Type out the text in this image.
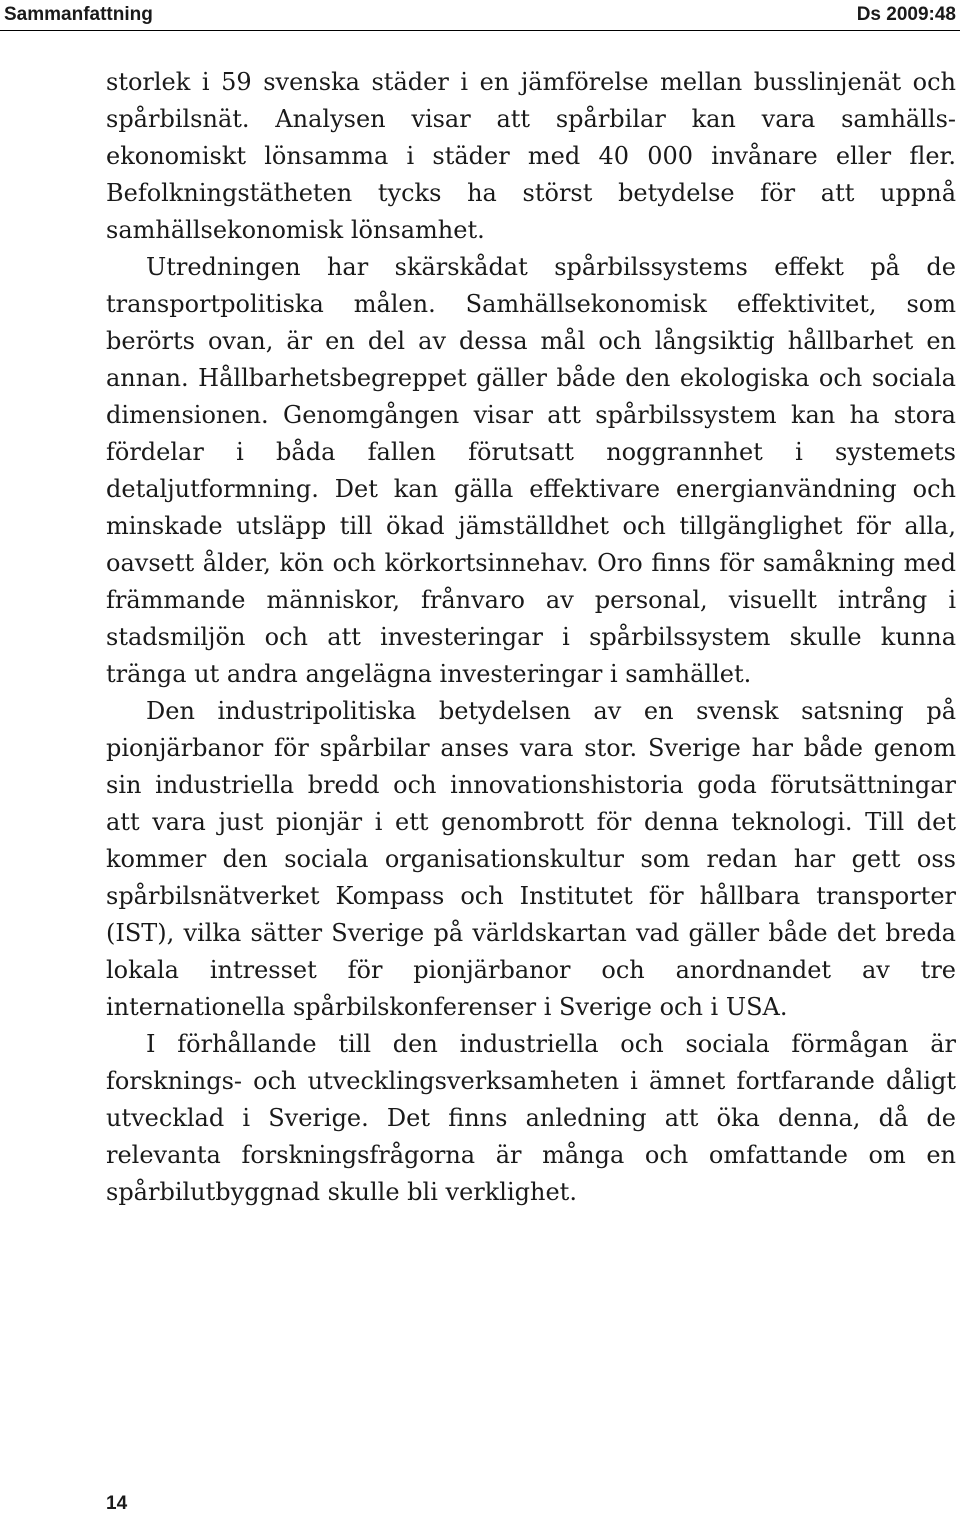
Sammanfattning	Ds 2009:48

storlek i 59 svenska städer i en jämförelse mellan busslinjenät och spårbilsnät. Analysen visar att spårbilar kan vara samhällsekonomiskt lönsamma i städer med 40 000 invånare eller fler. Befolkningstätheten tycks ha störst betydelse för att uppnå samhällsekonomisk lönsamhet.

Utredningen har skärskådat spårbilssystems effekt på de transportpolitiska målen. Samhällsekonomisk effektivitet, som berörts ovan, är en del av dessa mål och långsiktig hållbarhet en annan. Hållbarhetsbegreppet gäller både den ekologiska och sociala dimensionen. Genomgången visar att spårbilssystem kan ha stora fördelar i båda fallen förutsatt noggrannhet i systemets detaljutformning. Det kan gälla effektivare energianvändning och minskade utsläpp till ökad jämställdhet och tillgänglighet för alla, oavsett ålder, kön och körkortsinnehav. Oro finns för samåkning med främmande människor, frånvaro av personal, visuellt intrång i stadsmiljön och att investeringar i spårbilssystem skulle kunna tränga ut andra angelägna investeringar i samhället.

Den industripolitiska betydelsen av en svensk satsning på pionjärbanor för spårbilar anses vara stor. Sverige har både genom sin industriella bredd och innovationshistoria goda förutsättningar att vara just pionjär i ett genombrott för denna teknologi. Till det kommer den sociala organisationskultur som redan har gett oss spårbilsnätverket Kompass och Institutet för hållbara transporter (IST), vilka sätter Sverige på världskartan vad gäller både det breda lokala intresset för pionjärbanor och anordnandet av tre internationella spårbilskonferenser i Sverige och i USA.

I förhållande till den industriella och sociala förmågan är forsknings- och utvecklingsverksamheten i ämnet fortfarande dåligt utvecklad i Sverige. Det finns anledning att öka denna, då de relevanta forskningsfrågorna är många och omfattande om en spårbilutbyggnad skulle bli verklighet.

14
